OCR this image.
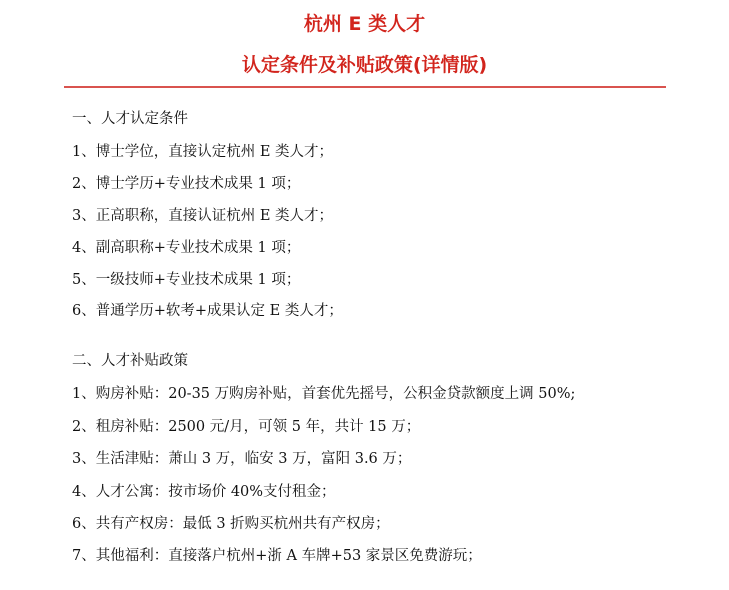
杭州 E 类人才
认定条件及补贴政策(详情版)
一、人才认定条件
1、博士学位，直接认定杭州 E 类人才；
2、博士学历+专业技术成果 1 项；
3、正高职称，直接认证杭州 E 类人才；
4、副高职称+专业技术成果 1 项；
5、一级技师+专业技术成果 1 项；
6、普通学历+软考+成果认定 E 类人才；
二、人才补贴政策
1、购房补贴：20-35 万购房补贴，首套优先摇号，公积金贷款额度上调 50%;
2、租房补贴：2500 元/月，可领 5 年，共计 15 万；
3、生活津贴：萧山 3 万，临安 3 万，富阳 3.6 万；
4、人才公寓：按市场价 40%支付租金；
6、共有产权房：最低 3 折购买杭州共有产权房；
7、其他福利：直接落户杭州+浙 A 车牌+53 家景区免费游玩；
